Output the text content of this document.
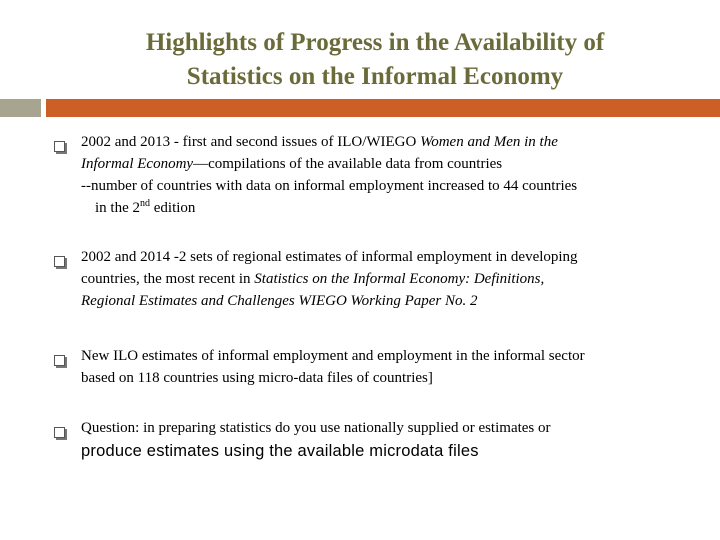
Highlights of Progress in the Availability of
Statistics on the Informal Economy
2002 and 2013 - first and second issues of ILO/WIEGO Women and Men in the
Informal Economy—compilations of the available data from countries
--number of countries with data on informal employment increased to 44 countries
in the 2nd edition
2002 and 2014 -2 sets of regional estimates of informal employment in developing
countries, the most recent in Statistics on the Informal Economy: Definitions,
Regional Estimates and Challenges WIEGO Working Paper No. 2
New ILO estimates of informal employment and employment in the informal sector
based on 118 countries using micro-data files of countries]
Question: in preparing statistics do you use nationally supplied or estimates or
produce estimates using the available microdata files
